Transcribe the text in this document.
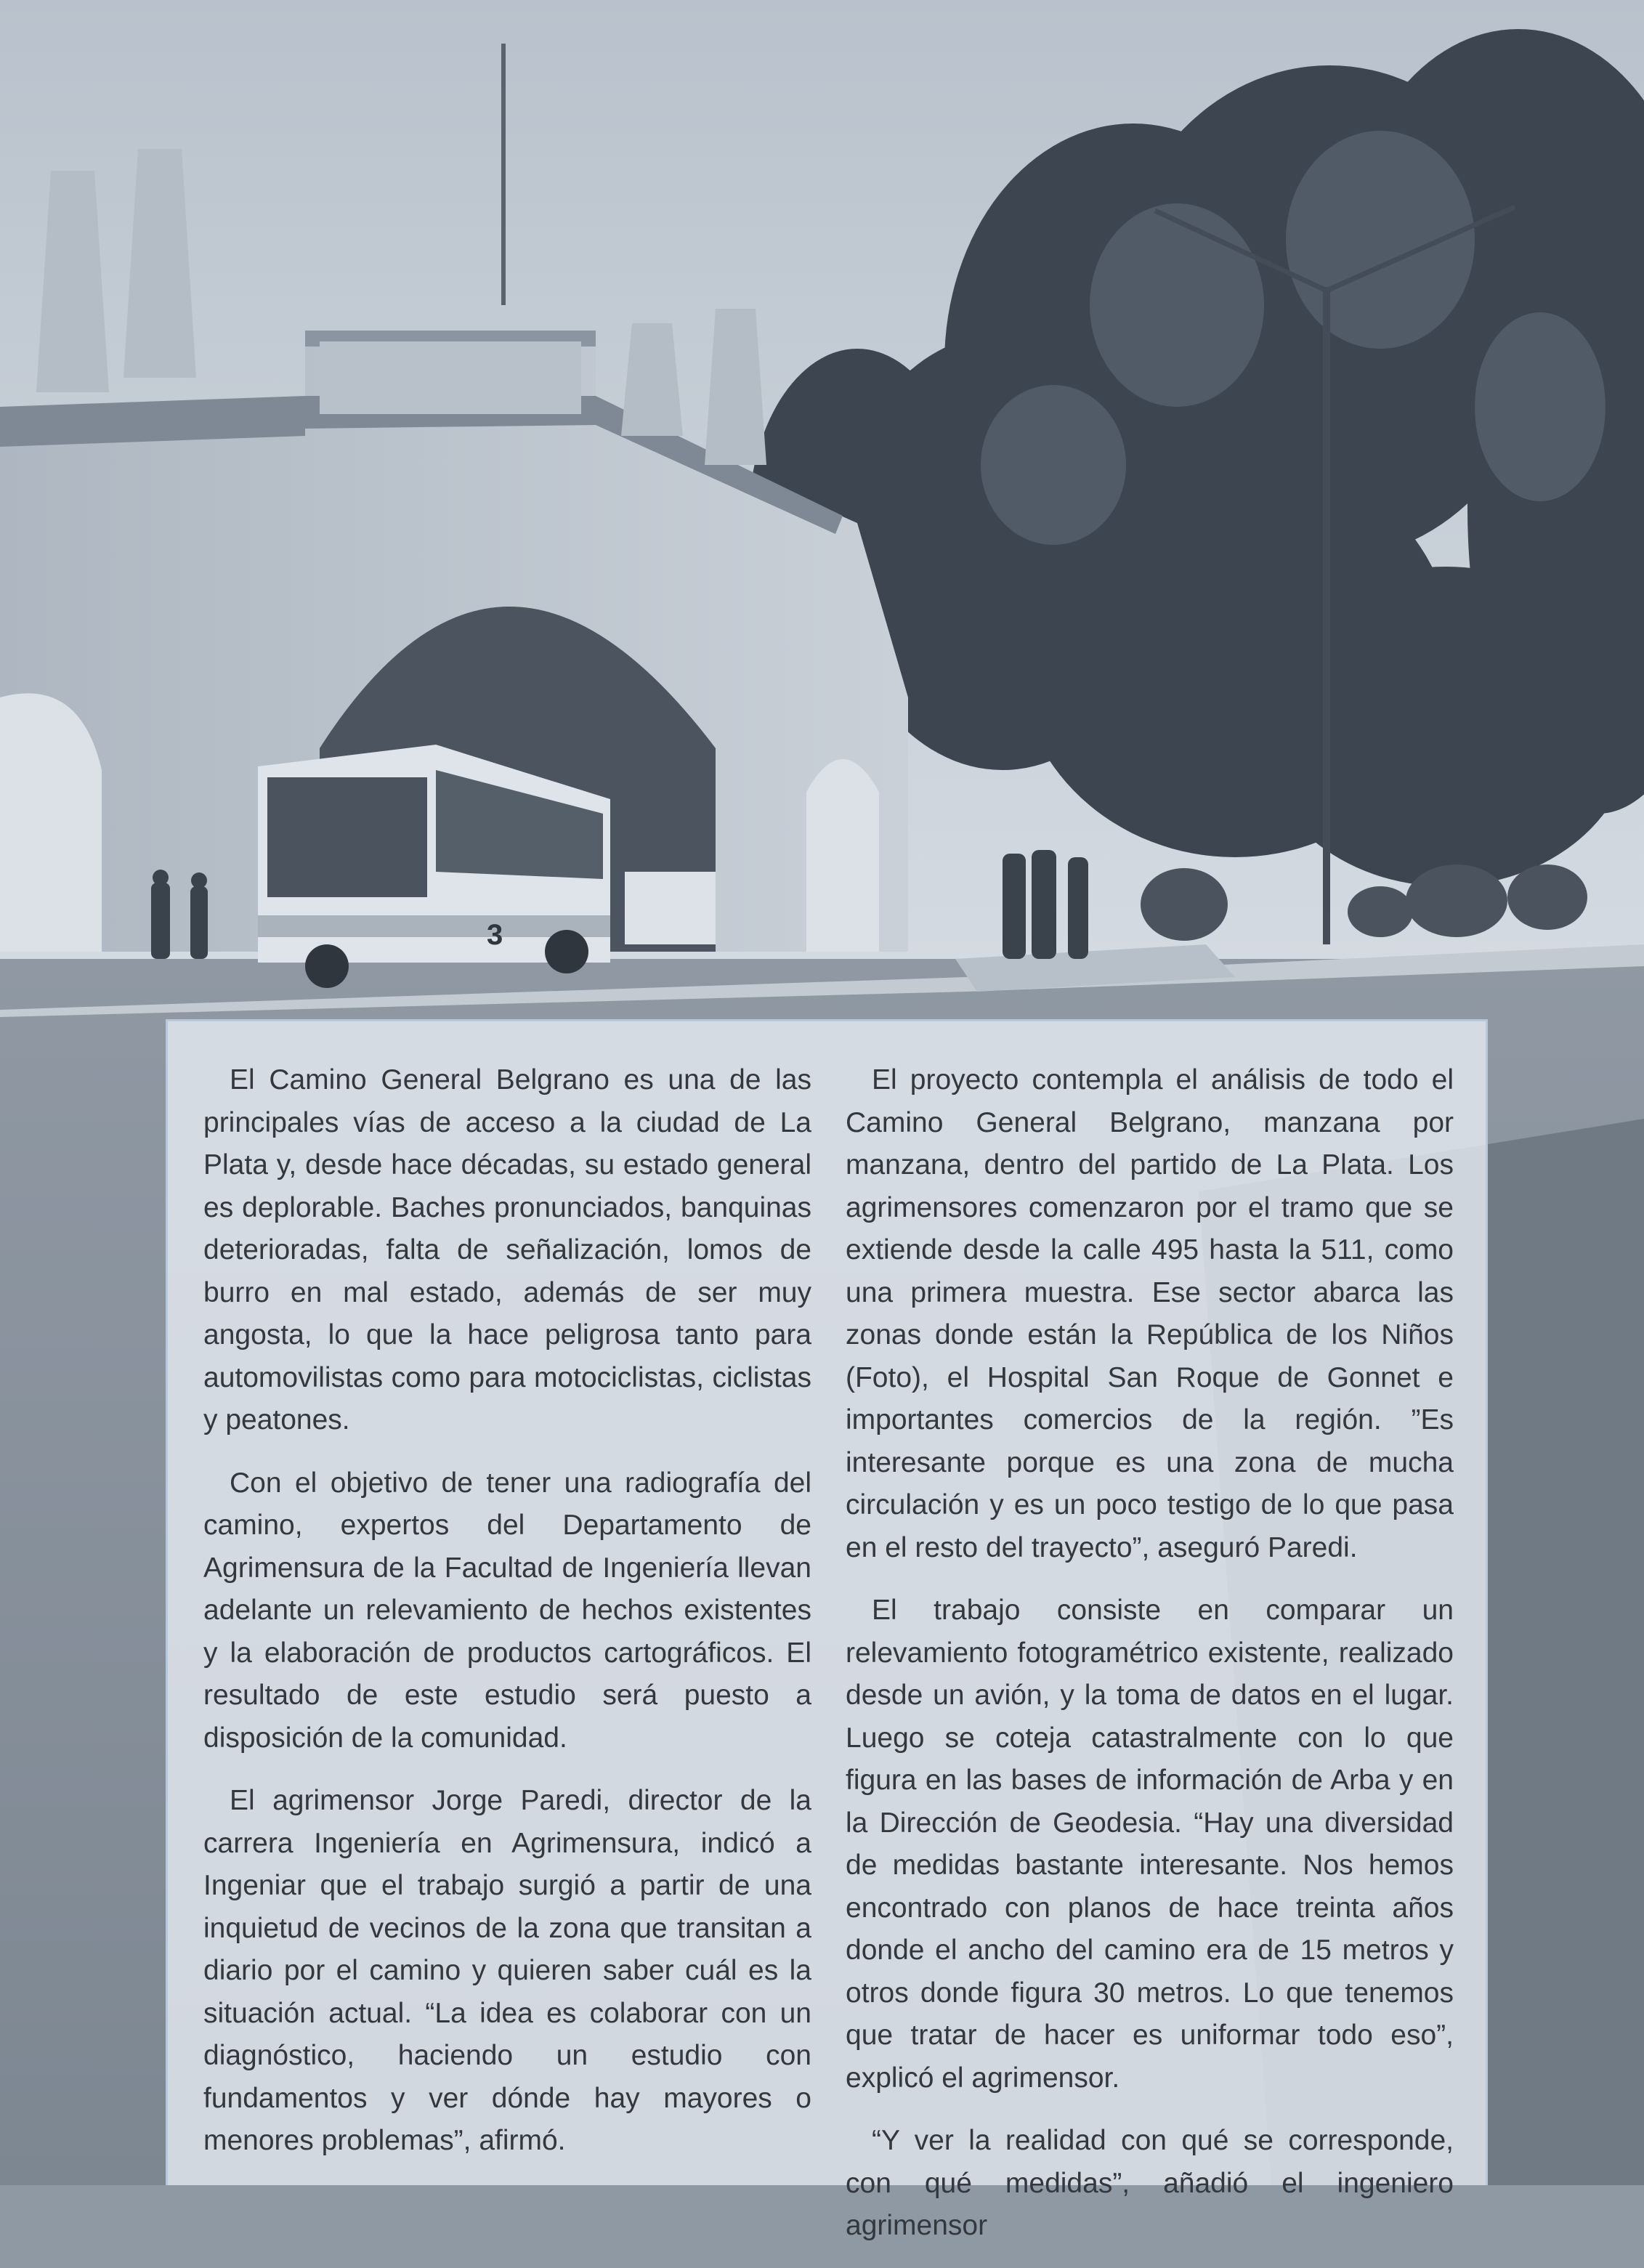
3

El Camino General Belgrano es una de las principales vías de acceso a la ciudad de La Plata y, desde hace décadas, su estado general es deplorable. Baches pronunciados, banquinas deterioradas, falta de señalización, lomos de burro en mal estado, además de ser muy angosta, lo que la hace peligrosa tanto para automovilistas como para motociclistas, ciclistas y peatones.

Con el objetivo de tener una radiografía del camino, expertos del Departamento de Agrimensura de la Facultad de Ingeniería llevan adelante un relevamiento de hechos existentes y la elaboración de productos cartográficos. El resultado de este estudio será puesto a disposición de la comunidad.

El agrimensor Jorge Paredi, director de la carrera Ingeniería en Agrimensura, indicó a Ingeniar que el trabajo surgió a partir de una inquietud de vecinos de la zona que transitan a diario por el camino y quieren saber cuál es la situación actual. “La idea es colaborar con un diagnóstico, haciendo un estudio con fundamentos y ver dónde hay mayores o menores problemas”, afirmó.

El proyecto contempla el análisis de todo el Camino General Belgrano, manzana por manzana, dentro del partido de La Plata. Los agrimensores comenzaron por el tramo que se extiende desde la calle 495 hasta la 511, como una primera muestra. Ese sector abarca las zonas donde están la República de los Niños (Foto), el Hospital San Roque de Gonnet e importantes comercios de la región. ”Es interesante porque es una zona de mucha circulación y es un poco testigo de lo que pasa en el resto del trayecto”, aseguró Paredi.

El trabajo consiste en comparar un relevamiento fotogramétrico existente, realizado desde un avión, y la toma de datos en el lugar. Luego se coteja catastralmente con lo que figura en las bases de información de Arba y en la Dirección de Geodesia. “Hay una diversidad de medidas bastante interesante. Nos hemos encontrado con planos de hace treinta años donde el ancho del camino era de 15 metros y otros donde figura 30 metros. Lo que tenemos que tratar de hacer es uniformar todo eso”, explicó el agrimensor.

“Y ver la realidad con qué se corresponde, con qué medidas”, añadió el ingeniero agrimensor
